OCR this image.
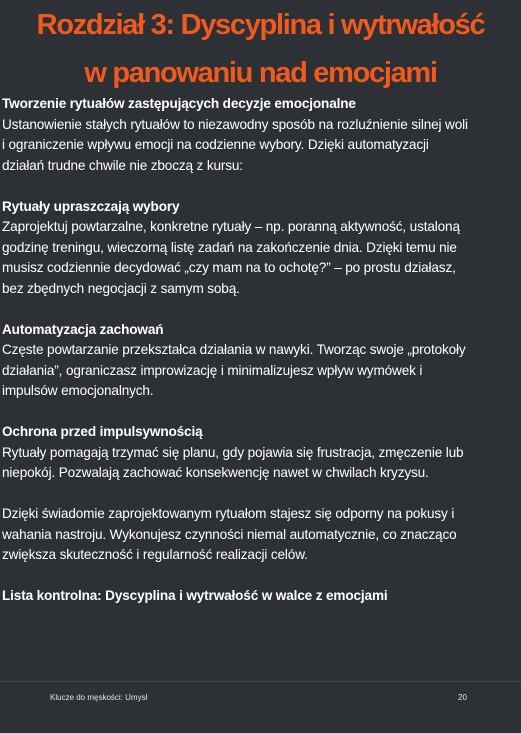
Rozdział 3: Dyscyplina i wytrwałość
w panowaniu nad emocjami
Tworzenie rytuałów zastępujących decyzje emocjonalne
Ustanowienie stałych rytuałów to niezawodny sposób na rozluźnienie silnej woli
i ograniczenie wpływu emocji na codzienne wybory. Dzięki automatyzacji
działań trudne chwile nie zboczą z kursu:
Rytuały upraszczają wybory
Zaprojektuj powtarzalne, konkretne rytuały – np. poranną aktywność, ustaloną
godzinę treningu, wieczorną listę zadań na zakończenie dnia. Dzięki temu nie
musisz codziennie decydować „czy mam na to ochotę?” – po prostu działasz,
bez zbędnych negocjacji z samym sobą.
Automatyzacja zachowań
Częste powtarzanie przekształca działania w nawyki. Tworząc swoje „protokoły
działania”, ograniczasz improwizację i minimalizujesz wpływ wymówek i
impulsów emocjonalnych.
Ochrona przed impulsywnością
Rytuały pomagają trzymać się planu, gdy pojawia się frustracja, zmęczenie lub
niepokój. Pozwalają zachować konsekwencję nawet w chwilach kryzysu.
Dzięki świadomie zaprojektowanym rytuałom stajesz się odporny na pokusy i
wahania nastroju. Wykonujesz czynności niemal automatycznie, co znacząco
zwiększa skuteczność i regularność realizacji celów.
Lista kontrolna: Dyscyplina i wytrwałość w walce z emocjami
Klucze do męskości: Umysł	20
